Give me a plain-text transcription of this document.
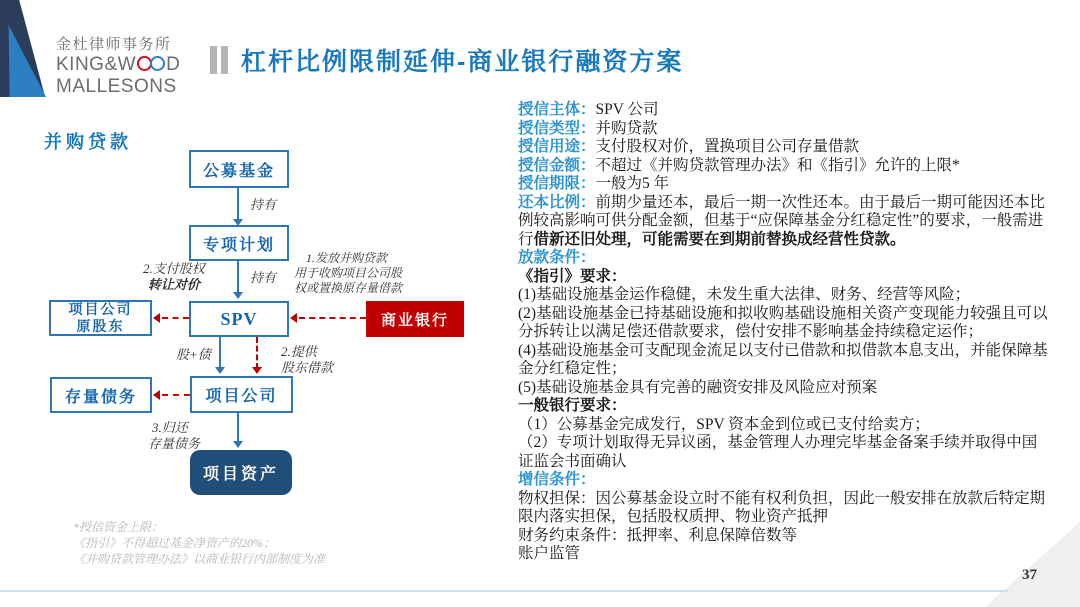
金杜律师事务所
KING&W D
MALLESONS
杠杆比例限制延伸-商业银行融资方案
并购贷款
公募基金
专项计划
SPV
项目公司
原股东
存量债务	项目公司
项目资产
商业银行
持有
持有
2.支付股权
转让对价
1.发放并购贷款
用于收购项目公司股
权或置换原存量借款
股+债	2.提供
股东借款
3.归还
存量债务
授信主体：SPV 公司
授信类型：并购贷款
授信用途：支付股权对价，置换项目公司存量借款
授信金额：不超过《并购贷款管理办法》和《指引》允许的上限*
授信期限：一般为5 年
还本比例：前期少量还本，最后一期一次性还本。由于最后一期可能因还本比例较高影响可供分配金额，但基于“应保障基金分红稳定性”的要求，一般需进行借新还旧处理，可能需要在到期前替换成经营性贷款。
放款条件：
《指引》要求：
(1)基础设施基金运作稳健，未发生重大法律、财务、经营等风险；
(2)基础设施基金已持基础设施和拟收购基础设施相关资产变现能力较强且可以分拆转让以满足偿还借款要求，偿付安排不影响基金持续稳定运作；
(4)基础设施基金可支配现金流足以支付已借款和拟借款本息支出，并能保障基金分红稳定性；
(5)基础设施基金具有完善的融资安排及风险应对预案
一般银行要求：
（1）公募基金完成发行，SPV 资本金到位或已支付给卖方；
（2）专项计划取得无异议函，基金管理人办理完毕基金备案手续并取得中国证监会书面确认
增信条件：
物权担保：因公募基金设立时不能有权利负担，因此一般安排在放款后特定期限内落实担保，包括股权质押、物业资产抵押
财务约束条件：抵押率、利息保障倍数等
账户监管
*授信资金上限：
《指引》不得超过基金净资产的20%；
《并购贷款管理办法》以商业银行内部制度为准
37
